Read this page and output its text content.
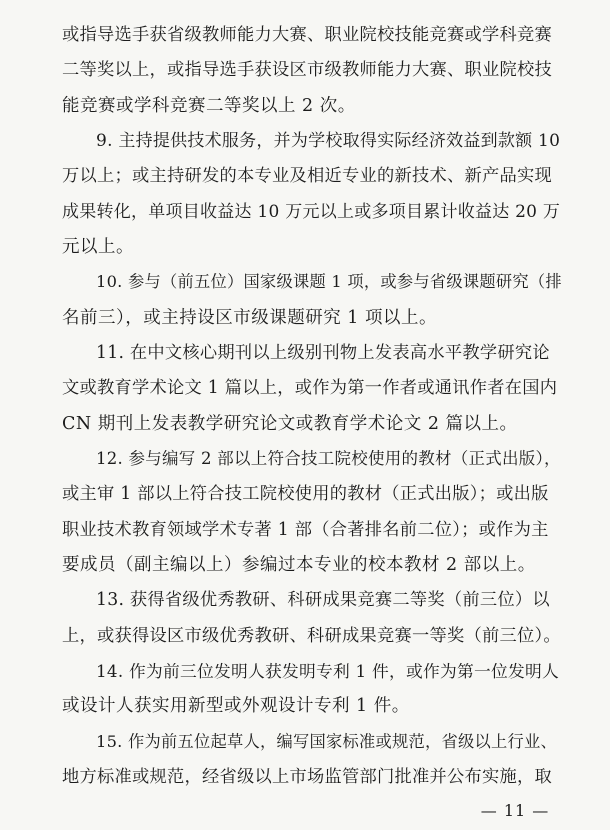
或指导选手获省级教师能力大赛、职业院校技能竞赛或学科竞赛
二等奖以上，或指导选手获设区市级教师能力大赛、职业院校技
能竞赛或学科竞赛二等奖以上 2 次。
9. 主持提供技术服务，并为学校取得实际经济效益到款额 10
万以上；或主持研发的本专业及相近专业的新技术、新产品实现
成果转化，单项目收益达 10 万元以上或多项目累计收益达 20 万
元以上。
10. 参与（前五位）国家级课题 1 项，或参与省级课题研究（排
名前三），或主持设区市级课题研究 1 项以上。
11. 在中文核心期刊以上级别刊物上发表高水平教学研究论
文或教育学术论文 1 篇以上，或作为第一作者或通讯作者在国内
CN 期刊上发表教学研究论文或教育学术论文 2 篇以上。
12. 参与编写 2 部以上符合技工院校使用的教材（正式出版），
或主审 1 部以上符合技工院校使用的教材（正式出版）；或出版
职业技术教育领域学术专著 1 部（合著排名前二位）；或作为主
要成员（副主编以上）参编过本专业的校本教材 2 部以上。
13. 获得省级优秀教研、科研成果竞赛二等奖（前三位）以
上，或获得设区市级优秀教研、科研成果竞赛一等奖（前三位）。
14. 作为前三位发明人获发明专利 1 件，或作为第一位发明人
或设计人获实用新型或外观设计专利 1 件。
15. 作为前五位起草人，编写国家标准或规范，省级以上行业、
地方标准或规范，经省级以上市场监管部门批准并公布实施，取
— 11 —
